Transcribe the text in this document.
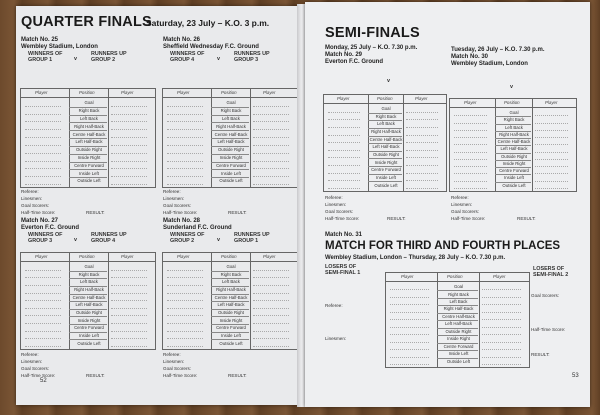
QUARTER FINALS
Saturday, 23 July – K.O. 3 p.m.
Match No. 25
Wembley Stadium, London
WINNERS OF GROUP 1	v
RUNNERS UP GROUP 2
Match No. 26
Sheffield Wednesday F.C. Ground
WINNERS OF GROUP 4	v
RUNNERS UP GROUP 3
Player	Position	Player
Goal
Right Back
Left Back
Right Half-Back
Centre Half-Back
Left Half-Back
Outside Right
Inside Right
Centre Forward
Inside Left
Outside Left
Player	Position	Player
Goal
Right Back
Left Back
Right Half-Back
Centre Half-Back
Left Half-Back
Outside Right
Inside Right
Centre Forward
Inside Left
Outside Left
Referee:
Linesmen:
Goal Scorers:
Half-Time Score:	RESULT:
Referee:
Linesmen:
Goal Scorers:
Half-Time Score:	RESULT:
Match No. 27
Everton F.C. Ground
WINNERS OF GROUP 3	v
RUNNERS UP GROUP 4
Match No. 28
Sunderland F.C. Ground
WINNERS OF GROUP 2	v
RUNNERS UP GROUP 1
Player	Position	Player
Goal
Right Back
Left Back
Right Half-Back
Centre Half-Back
Left Half-Back
Outside Right
Inside Right
Centre Forward
Inside Left
Outside Left
Player	Position	Player
Goal
Right Back
Left Back
Right Half-Back
Centre Half-Back
Left Half-Back
Outside Right
Inside Right
Centre Forward
Inside Left
Outside Left
Referee:
Linesmen:
Goal Scorers:
Half-Time Score:	RESULT:
Referee:
Linesmen:
Goal Scorers:
Half-Time Score:	RESULT:
52
SEMI-FINALS
Monday, 25 July – K.O. 7.30 p.m.
Match No. 29
Everton F.C. Ground
v
Tuesday, 26 July – K.O. 7.30 p.m.
Match No. 30
Wembley Stadium, London
v
Player	Position	Player
Goal
Right Back
Left Back
Right Half-Back
Centre Half-Back
Left Half-Back
Outside Right
Inside Right
Centre Forward
Inside Left
Outside Left
Player	Position	Player
Goal
Right Back
Left Back
Right Half-Back
Centre Half-Back
Left Half-Back
Outside Right
Inside Right
Centre Forward
Inside Left
Outside Left
Referee:
Linesmen:
Goal Scorers:
Half-Time Score:	RESULT:
Referee:
Linesmen:
Goal Scorers:
Half-Time Score:	RESULT:
Match No. 31
MATCH FOR THIRD AND FOURTH PLACES
Wembley Stadium, London – Thursday, 28 July – K.O. 7.30 p.m.
LOSERS OF SEMI-FINAL 1
LOSERS OF SEMI-FINAL 2
Player	Position	Player
Goal
Right Back
Left Back
Right Half-Back
Centre Half-Back
Left Half-Back
Outside Right
Inside Right
Centre Forward
Inside Left
Outside Left
Referee:
Linesmen:
Goal Scorers:
Half-Time Score:
RESULT:
53
